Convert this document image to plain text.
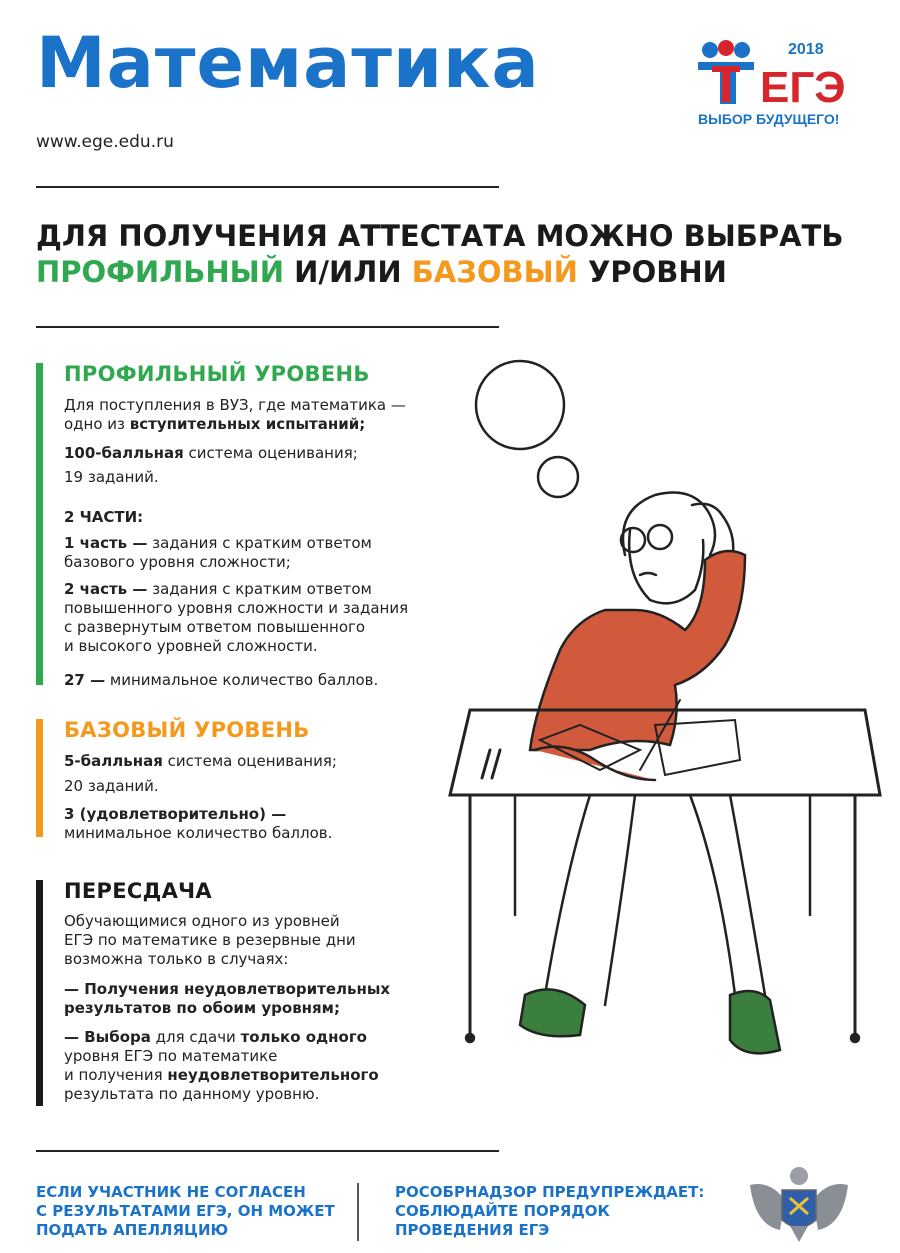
Математика
www.ege.edu.ru
2018
ЕГЭ
ВЫБОР БУДУЩЕГО!
ДЛЯ ПОЛУЧЕНИЯ АТТЕСТАТА МОЖНО ВЫБРАТЬ
ПРОФИЛЬНЫЙ И/ИЛИ БАЗОВЫЙ УРОВНИ
ПРОФИЛЬНЫЙ УРОВЕНЬ
Для поступления в ВУЗ, где математика —
одно из вступительных испытаний;
100-балльная система оценивания;
19 заданий.
2 ЧАСТИ:
1 часть — задания с кратким ответом
базового уровня сложности;
2 часть — задания с кратким ответом
повышенного уровня сложности и задания
с развернутым ответом повышенного
и высокого уровней сложности.
27 — минимальное количество баллов.
БАЗОВЫЙ УРОВЕНЬ
5-балльная система оценивания;
20 заданий.
3 (удовлетворительно) —
минимальное количество баллов.
ПЕРЕСДАЧА
Обучающимися одного из уровней
ЕГЭ по математике в резервные дни
возможна только в случаях:
— Получения неудовлетворительных
результатов по обоим уровням;
— Выбора для сдачи только одного
уровня ЕГЭ по математике
и получения неудовлетворительного
результата по данному уровню.
ЕСЛИ УЧАСТНИК НЕ СОГЛАСЕН
С РЕЗУЛЬТАТАМИ ЕГЭ, ОН МОЖЕТ
ПОДАТЬ АПЕЛЛЯЦИЮ
РОСОБРНАДЗОР ПРЕДУПРЕЖДАЕТ:
СОБЛЮДАЙТЕ ПОРЯДОК
ПРОВЕДЕНИЯ ЕГЭ
